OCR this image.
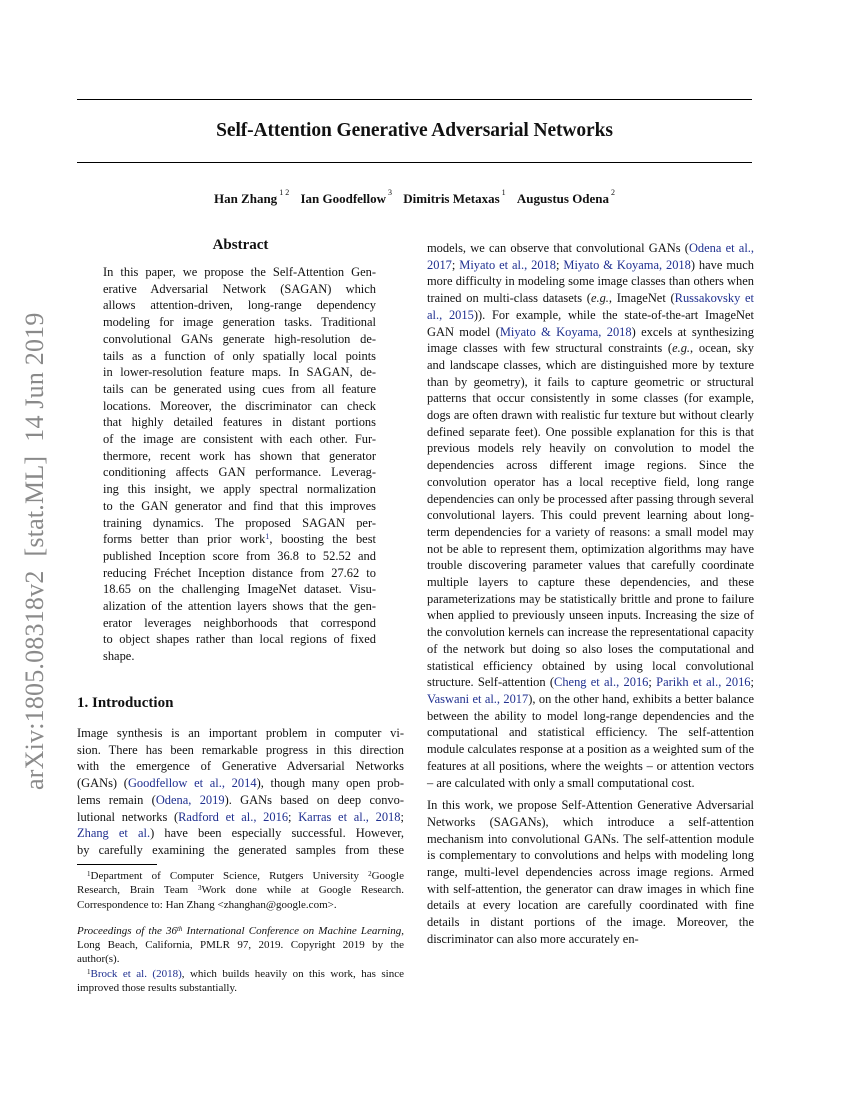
Self-Attention Generative Adversarial Networks
Han Zhang $^{1 2}$ Ian Goodfellow $^3$ Dimitris Metaxas $^1$ Augustus Odena $^2$
arXiv:1805.08318v2[stat.ML]14 Jun 2019
Abstract
In this paper, we propose the Self-Attention Gen-
erative Adversarial Network (SAGAN) which
allows attention-driven, long-range dependency
modeling for image generation tasks. Traditional
convolutional GANs generate high-resolution de-
tails as a function of only spatially local points
in lower-resolution feature maps. In SAGAN, de-
tails can be generated using cues from all feature
locations. Moreover, the discriminator can check
that highly detailed features in distant portions
of the image are consistent with each other. Fur-
thermore, recent work has shown that generator
conditioning affects GAN performance. Leverag-
ing this insight, we apply spectral normalization
to the GAN generator and find that this improves
training dynamics. The proposed SAGAN per-
forms better than prior work$^1$, boosting the best
published Inception score from 36.8 to 52.52 and
reducing Fréchet Inception distance from 27.62 to
18.65 on the challenging ImageNet dataset. Visu-
alization of the attention layers shows that the gen-
erator leverages neighborhoods that correspond
to object shapes rather than local regions of fixed
shape.
1. Introduction
Image synthesis is an important problem in computer vi-
sion. There has been remarkable progress in this direction
with the emergence of Generative Adversarial Networks
(GANs) (Goodfellow et al., 2014), though many open prob-
lems remain (Odena, 2019). GANs based on deep convo-
lutional networks (Radford et al., 2016; Karras et al., 2018;
Zhang et al.) have been especially successful. However,
by carefully examining the generated samples from these

$^1$Department of Computer Science, Rutgers University $^2$Google Research, Brain Team $^3$Work done while at Google Research. Correspondence to: Han Zhang <zhanghan@google.com>.

Proceedings of the 36th International Conference on Machine Learning, Long Beach, California, PMLR 97, 2019. Copyright 2019 by the author(s).

$^1$Brock et al. (2018), which builds heavily on this work, has since improved those results substantially.

models, we can observe that convolutional GANs (Odena et al., 2017; Miyato et al., 2018; Miyato & Koyama, 2018) have much more difficulty in modeling some image classes than others when trained on multi-class datasets (e.g., ImageNet (Russakovsky et al., 2015)). For example, while the state-of-the-art ImageNet GAN model (Miyato & Koyama, 2018) excels at synthesizing image classes with few structural constraints (e.g., ocean, sky and landscape classes, which are distinguished more by texture than by geometry), it fails to capture geometric or structural patterns that occur consistently in some classes (for example, dogs are often drawn with realistic fur texture but without clearly defined separate feet). One possible explanation for this is that previous models rely heavily on convolution to model the dependencies across different image regions. Since the convolution operator has a local receptive field, long range dependencies can only be processed after passing through several convolutional layers. This could prevent learning about long-term dependencies for a variety of reasons: a small model may not be able to represent them, optimization algorithms may have trouble discovering parameter values that carefully coordinate multiple layers to capture these dependencies, and these parameterizations may be statistically brittle and prone to failure when applied to previously unseen inputs. Increasing the size of the convolution kernels can increase the representational capacity of the network but doing so also loses the computational and statistical efficiency obtained by using local convolutional structure. Self-attention (Cheng et al., 2016; Parikh et al., 2016; Vaswani et al., 2017), on the other hand, exhibits a better balance between the ability to model long-range dependencies and the computational and statistical efficiency. The self-attention module calculates response at a position as a weighted sum of the features at all positions, where the weights – or attention vectors – are calculated with only a small computational cost.

In this work, we propose Self-Attention Generative Adversarial Networks (SAGANs), which introduce a self-attention mechanism into convolutional GANs. The self-attention module is complementary to convolutions and helps with modeling long range, multi-level dependencies across image regions. Armed with self-attention, the generator can draw images in which fine details at every location are carefully coordinated with fine details in distant portions of the image. Moreover, the discriminator can also more accurately en-
